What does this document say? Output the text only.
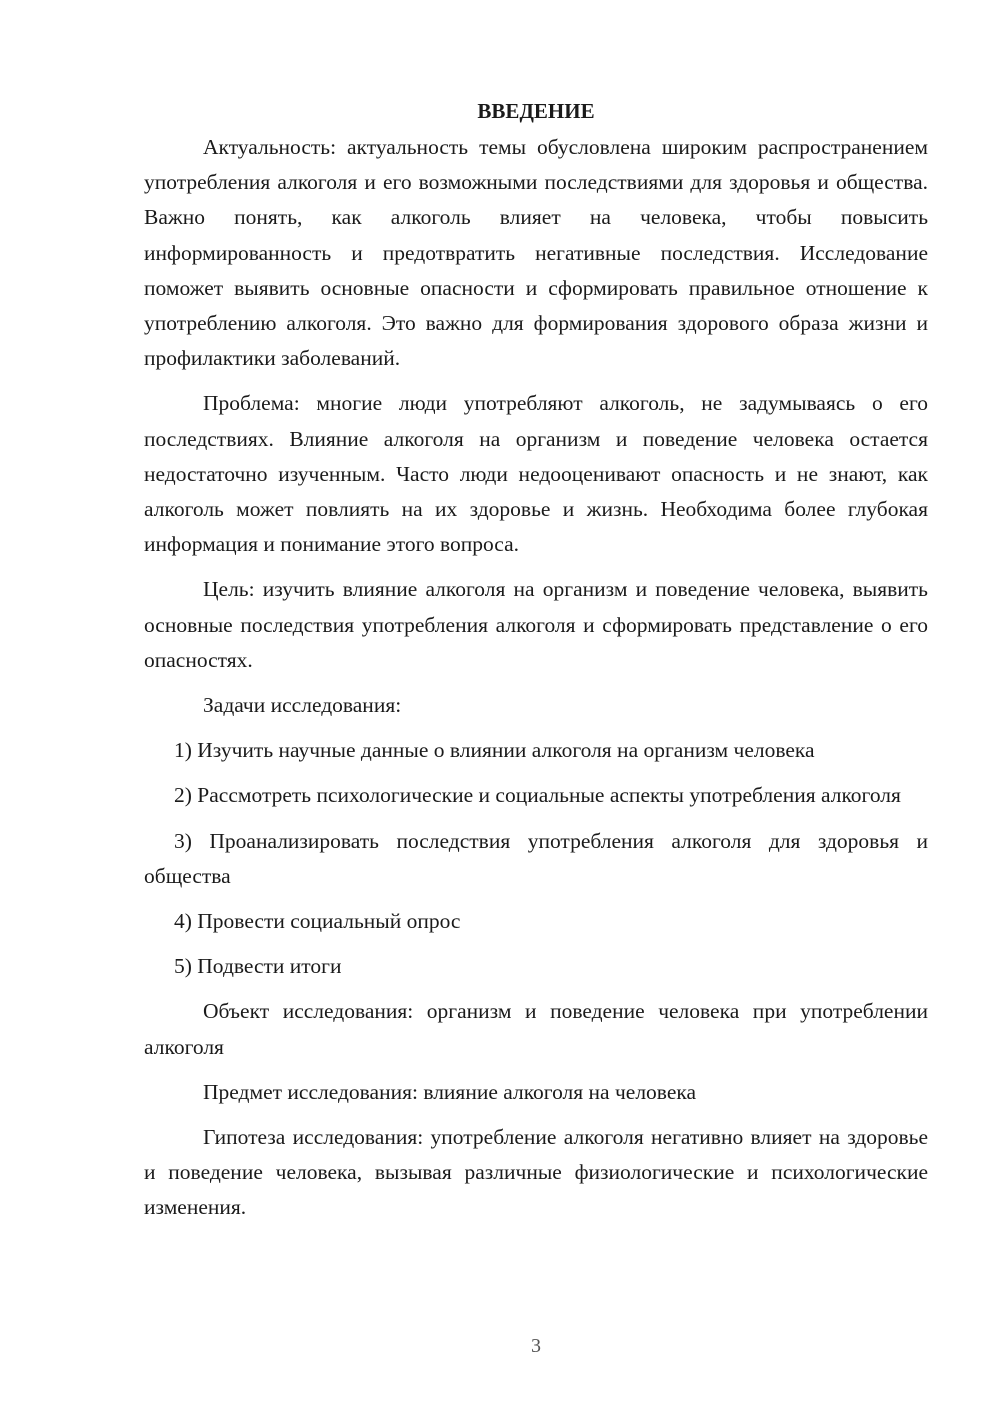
ВВЕДЕНИЕ

Актуальность: актуальность темы обусловлена широким распространением употребления алкоголя и его возможными последствиями для здоровья и общества. Важно понять, как алкоголь влияет на человека, чтобы повысить информированность и предотвратить негативные последствия. Исследование поможет выявить основные опасности и сформировать правильное отношение к употреблению алкоголя. Это важно для формирования здорового образа жизни и профилактики заболеваний.

Проблема: многие люди употребляют алкоголь, не задумываясь о его последствиях. Влияние алкоголя на организм и поведение человека остается недостаточно изученным. Часто люди недооценивают опасность и не знают, как алкоголь может повлиять на их здоровье и жизнь. Необходима более глубокая информация и понимание этого вопроса.

Цель: изучить влияние алкоголя на организм и поведение человека, выявить основные последствия употребления алкоголя и сформировать представление о его опасностях.

Задачи исследования:

1) Изучить научные данные о влиянии алкоголя на организм человека

2) Рассмотреть психологические и социальные аспекты употребления алкоголя

3) Проанализировать последствия употребления алкоголя для здоровья и общества

4) Провести социальный опрос

5) Подвести итоги

Объект исследования: организм и поведение человека при употреблении алкоголя

Предмет исследования: влияние алкоголя на человека

Гипотеза исследования: употребление алкоголя негативно влияет на здоровье и поведение человека, вызывая различные физиологические и психологические изменения.

3
